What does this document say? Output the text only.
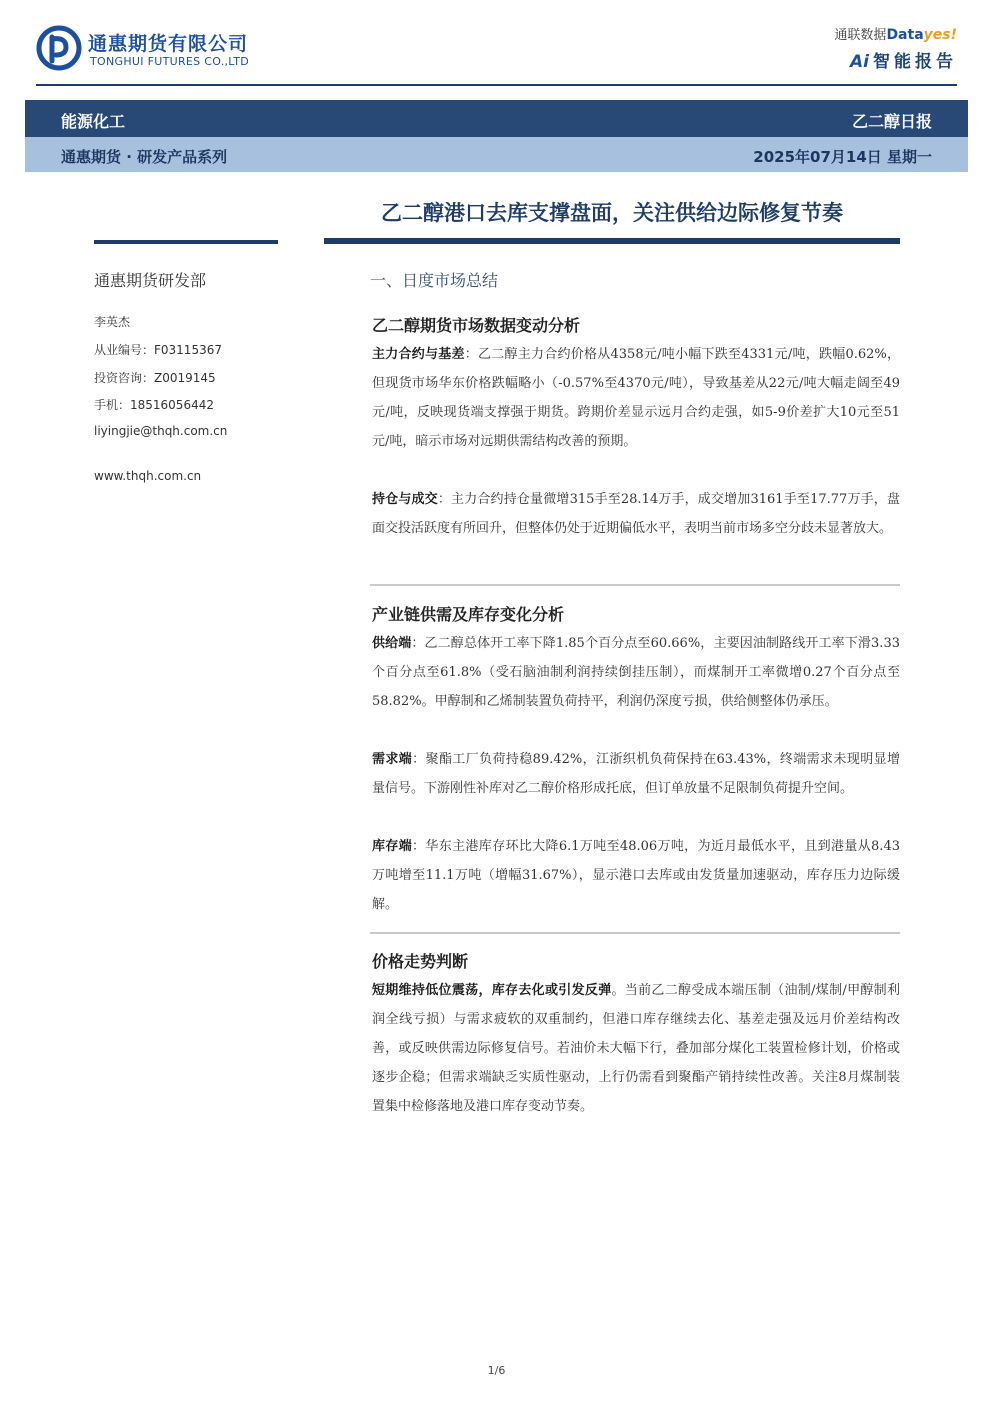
通惠期货有限公司
TONGHUI FUTURES CO.,LTD
通联数据Datayes!
Ai 智能报告
能源化工	乙二醇日报
通惠期货 · 研发产品系列	2025年07月14日 星期一
乙二醇港口去库支撑盘面，关注供给边际修复节奏
通惠期货研发部
李英杰
从业编号：F03115367
投资咨询：Z0019145
手机：18516056442
liyingjie@thqh.com.cn
www.thqh.com.cn
一、日度市场总结
乙二醇期货市场数据变动分析
主力合约与基差：乙二醇主力合约价格从4358元/吨小幅下跌至4331元/吨，跌幅0.62%，但现货市场华东价格跌幅略小（-0.57%至4370元/吨），导致基差从22元/吨大幅走阔至49元/吨，反映现货端支撑强于期货。跨期价差显示远月合约走强，如5-9价差扩大10元至51元/吨，暗示市场对远期供需结构改善的预期。
持仓与成交：主力合约持仓量微增315手至28.14万手，成交增加3161手至17.77万手，盘面交投活跃度有所回升，但整体仍处于近期偏低水平，表明当前市场多空分歧未显著放大。
产业链供需及库存变化分析
供给端：乙二醇总体开工率下降1.85个百分点至60.66%，主要因油制路线开工率下滑3.33个百分点至61.8%（受石脑油制利润持续倒挂压制），而煤制开工率微增0.27个百分点至58.82%。甲醇制和乙烯制装置负荷持平，利润仍深度亏损，供给侧整体仍承压。
需求端：聚酯工厂负荷持稳89.42%，江浙织机负荷保持在63.43%，终端需求未现明显增量信号。下游刚性补库对乙二醇价格形成托底，但订单放量不足限制负荷提升空间。
库存端：华东主港库存环比大降6.1万吨至48.06万吨，为近月最低水平，且到港量从8.43万吨增至11.1万吨（增幅31.67%），显示港口去库或由发货量加速驱动，库存压力边际缓解。
价格走势判断
短期维持低位震荡，库存去化或引发反弹。当前乙二醇受成本端压制（油制/煤制/甲醇制利润全线亏损）与需求疲软的双重制约，但港口库存继续去化、基差走强及远月价差结构改善，或反映供需边际修复信号。若油价未大幅下行，叠加部分煤化工装置检修计划，价格或逐步企稳；但需求端缺乏实质性驱动，上行仍需看到聚酯产销持续性改善。关注8月煤制装置集中检修落地及港口库存变动节奏。
1/6
